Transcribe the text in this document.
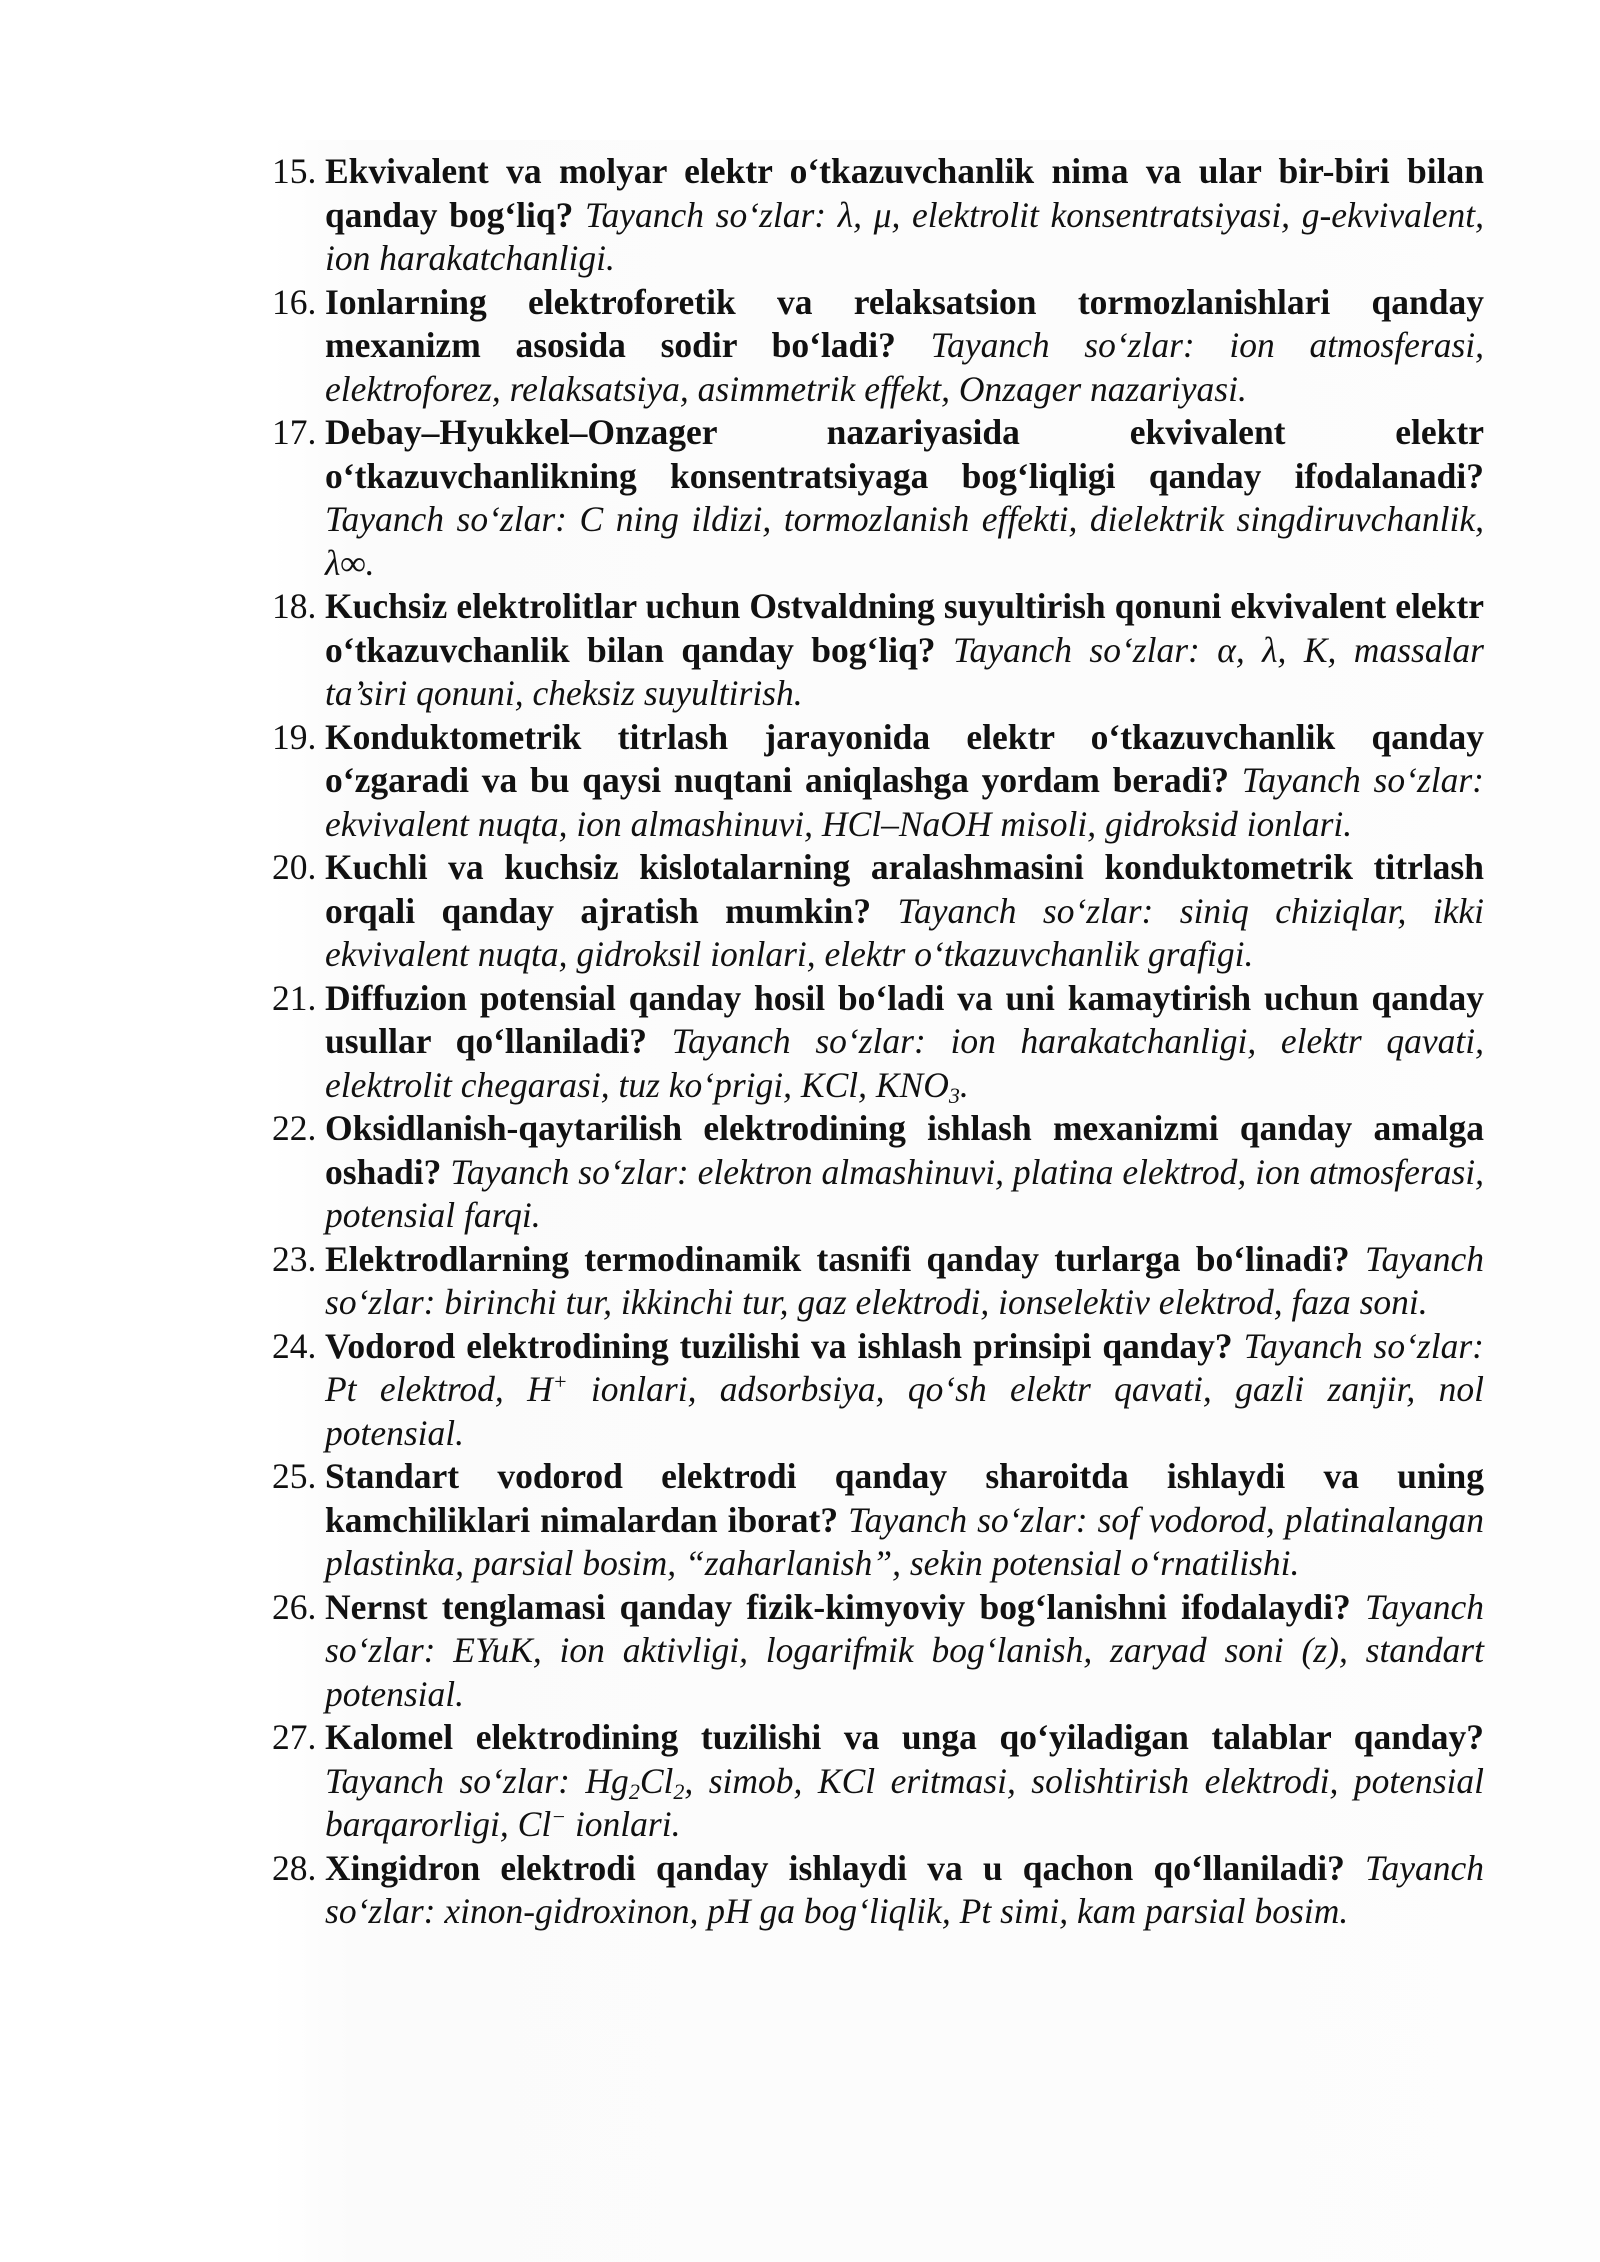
15. Ekvivalent va molyar elektr o‘tkazuvchanlik nima va ular bir-biri bilan qanday bog‘liq? Tayanch so‘zlar: λ, μ, elektrolit konsentratsiyasi, g-ekvivalent, ion harakatchanligi.
16. Ionlarning elektroforetik va relaksatsion tormozlanishlari qanday mexanizm asosida sodir bo‘ladi? Tayanch so‘zlar: ion atmosferasi, elektroforez, relaksatsiya, asimmetrik effekt, Onzager nazariyasi.
17. Debay–Hyukkel–Onzager nazariyasida ekvivalent elektr o‘tkazuvchanlikning konsentratsiyaga bog‘liqligi qanday ifodalanadi? Tayanch so‘zlar: C ning ildizi, tormozlanish effekti, dielektrik singdiruvchanlik, λ∞.
18. Kuchsiz elektrolitlar uchun Ostvaldning suyultirish qonuni ekvivalent elektr o‘tkazuvchanlik bilan qanday bog‘liq? Tayanch so‘zlar: α, λ, K, massalar ta’siri qonuni, cheksiz suyultirish.
19. Konduktometrik titrlash jarayonida elektr o‘tkazuvchanlik qanday o‘zgaradi va bu qaysi nuqtani aniqlashga yordam beradi? Tayanch so‘zlar: ekvivalent nuqta, ion almashinuvi, HCl–NaOH misoli, gidroksid ionlari.
20. Kuchli va kuchsiz kislotalarning aralashmasini konduktometrik titrlash orqali qanday ajratish mumkin? Tayanch so‘zlar: siniq chiziqlar, ikki ekvivalent nuqta, gidroksil ionlari, elektr o‘tkazuvchanlik grafigi.
21. Diffuzion potensial qanday hosil bo‘ladi va uni kamaytirish uchun qanday usullar qo‘llaniladi? Tayanch so‘zlar: ion harakatchanligi, elektr qavati, elektrolit chegarasi, tuz ko‘prigi, KCl, $KNO_3$.
22. Oksidlanish-qaytarilish elektrodining ishlash mexanizmi qanday amalga oshadi? Tayanch so‘zlar: elektron almashinuvi, platina elektrod, ion atmosferasi, potensial farqi.
23. Elektrodlarning termodinamik tasnifi qanday turlarga bo‘linadi? Tayanch so‘zlar: birinchi tur, ikkinchi tur, gaz elektrodi, ionselektiv elektrod, faza soni.
24. Vodorod elektrodining tuzilishi va ishlash prinsipi qanday? Tayanch so‘zlar: Pt elektrod, H+ ionlari, adsorbsiya, qo‘sh elektr qavati, gazli zanjir, nol potensial.
25. Standart vodorod elektrodi qanday sharoitda ishlaydi va uning kamchiliklari nimalardan iborat? Tayanch so‘zlar: sof vodorod, platinalangan plastinka, parsial bosim, “zaharlanish”, sekin potensial o‘rnatilishi.
26. Nernst tenglamasi qanday fizik-kimyoviy bog‘lanishni ifodalaydi? Tayanch so‘zlar: EYuK, ion aktivligi, logarifmik bog‘lanish, zaryad soni (z), standart potensial.
27. Kalomel elektrodining tuzilishi va unga qo‘yiladigan talablar qanday? Tayanch so‘zlar: $Hg_2Cl_2$, simob, KCl eritmasi, solishtirish elektrodi, potensial barqarorligi, Cl− ionlari.
28. Xingidron elektrodi qanday ishlaydi va u qachon qo‘llaniladi? Tayanch so‘zlar: xinon-gidroxinon, pH ga bog‘liqlik, Pt simi, kam parsial bosim.
